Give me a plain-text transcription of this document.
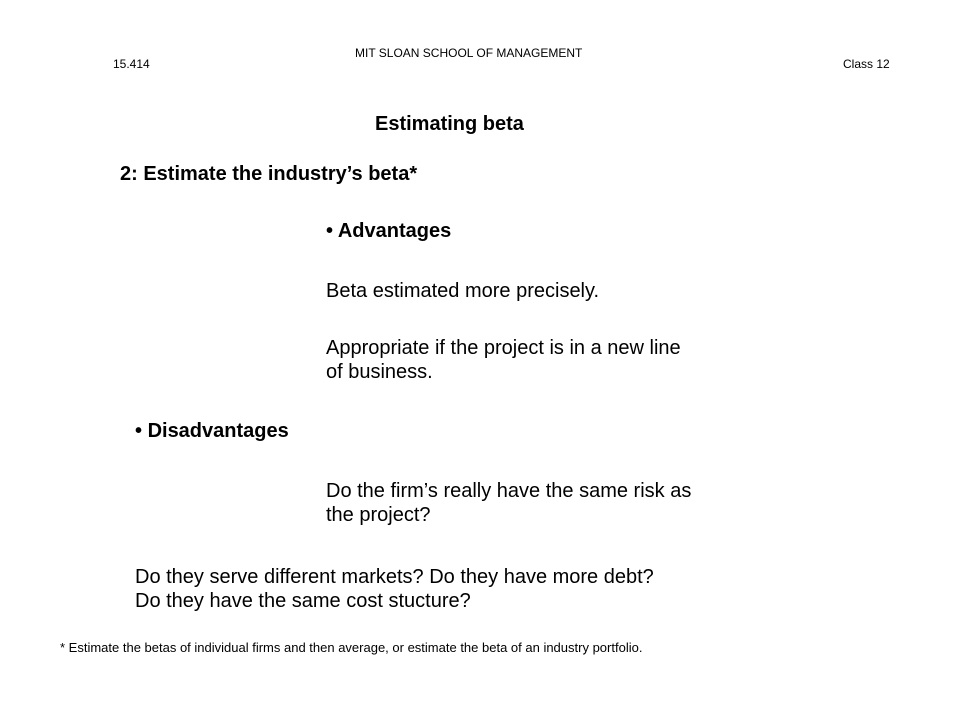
15.414
MIT SLOAN SCHOOL OF MANAGEMENT
Class 12
Estimating beta
2: Estimate the industry’s beta*
• Advantages
Beta estimated more precisely.
Appropriate if the project is in a new line
of business.
• Disadvantages
Do the firm’s really have the same risk as
the project?
Do they serve different markets? Do they have more debt?
Do they have the same cost stucture?
* Estimate the betas of individual firms and then average, or estimate the beta of an industry portfolio.
